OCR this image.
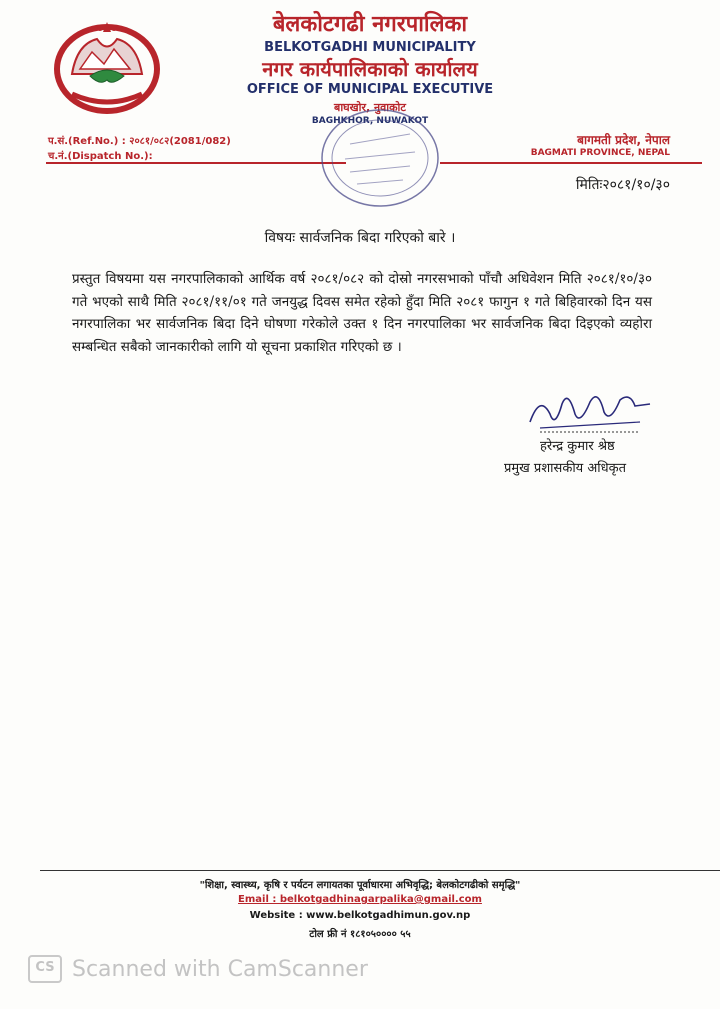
बेलकोटगढी नगरपालिका
BELKOTGADHI MUNICIPALITY
नगर कार्यपालिकाको कार्यालय
OFFICE OF MUNICIPAL EXECUTIVE
बाघखोर, नुवाकोट
BAGHKHOR, NUWAKOT
प.सं.(Ref.No.) : २०८१/०८२(2081/082)
च.नं.(Dispatch No.):
बागमती प्रदेश, नेपाल
BAGMATI PROVINCE, NEPAL
मितिः२०८१/१०/३०
विषयः सार्वजनिक बिदा गरिएको बारे ।
प्रस्तुत विषयमा यस नगरपालिकाको आर्थिक वर्ष २०८१/०८२ को दोस्रो नगरसभाको पाँचौ अधिवेशन मिति २०८१/१०/३० गते भएको साथै मिति २०८१/११/०१ गते जनयुद्ध दिवस समेत रहेको हुँदा मिति २०८१ फागुन १ गते बिहिवारको दिन यस नगरपालिका भर सार्वजनिक बिदा दिने घोषणा गरेकोले उक्त १ दिन नगरपालिका भर सार्वजनिक बिदा दिइएको व्यहोरा सम्बन्धित सबैको जानकारीको लागि यो सूचना प्रकाशित गरिएको छ ।
हरेन्द्र कुमार श्रेष्ठ
प्रमुख प्रशासकीय अधिकृत
"शिक्षा, स्वास्थ्य, कृषि र पर्यटन लगायतका पूर्वाधारमा अभिवृद्धि; बेलकोटगढीको समृद्धि"
Email : belkotgadhinagarpalika@gmail.com
Website : www.belkotgadhimun.gov.np
टोल फ्री नं १८१०५०००० ५५
CS Scanned with CamScanner
